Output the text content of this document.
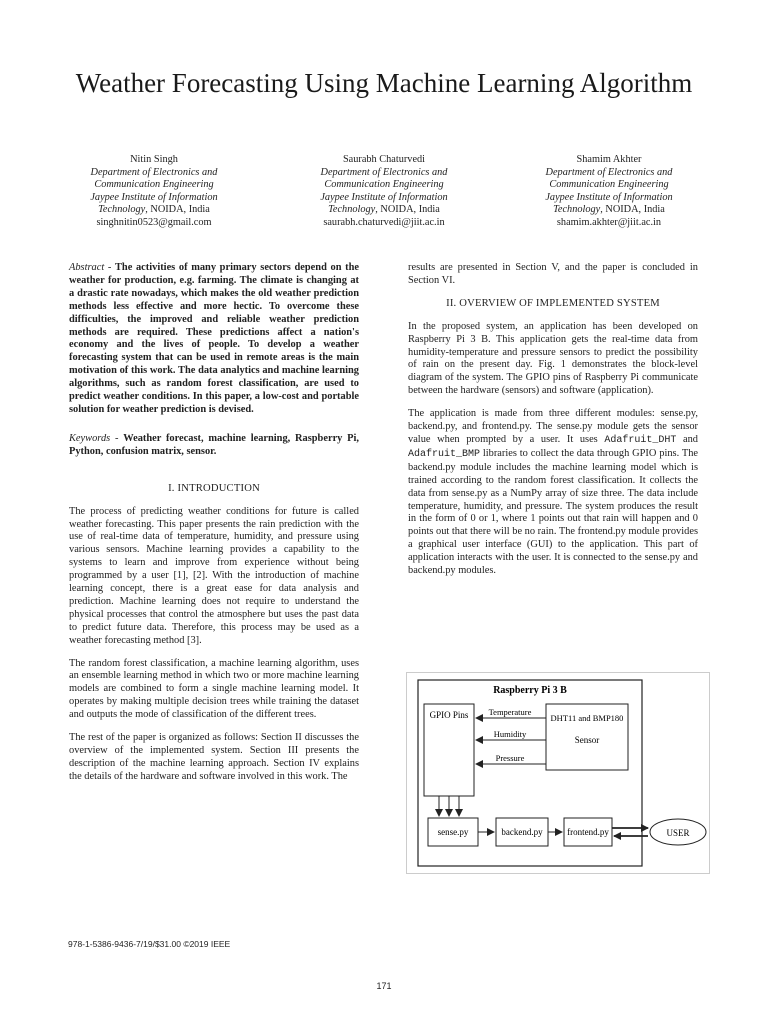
Weather Forecasting Using Machine Learning Algorithm
Nitin Singh
Department of Electronics and
Communication Engineering
Jaypee Institute of Information
Technology, NOIDA, India
singhnitin0523@gmail.com
Saurabh Chaturvedi
Department of Electronics and
Communication Engineering
Jaypee Institute of Information
Technology, NOIDA, India
saurabh.chaturvedi@jiit.ac.in
Shamim Akhter
Department of Electronics and
Communication Engineering
Jaypee Institute of Information
Technology, NOIDA, India
shamim.akhter@jiit.ac.in

Abstract - The activities of many primary sectors depend on the weather for production, e.g. farming. The climate is changing at a drastic rate nowadays, which makes the old weather prediction methods less effective and more hectic. To overcome these difficulties, the improved and reliable weather prediction methods are required. These predictions affect a nation's economy and the lives of people. To develop a weather forecasting system that can be used in remote areas is the main motivation of this work. The data analytics and machine learning algorithms, such as random forest classification, are used to predict weather conditions. In this paper, a low-cost and portable solution for weather prediction is devised.

Keywords - Weather forecast, machine learning, Raspberry Pi, Python, confusion matrix, sensor.

I. INTRODUCTION

The process of predicting weather conditions for future is called weather forecasting. This paper presents the rain prediction with the use of real-time data of temperature, humidity, and pressure using various sensors. Machine learning provides a capability to the systems to learn and improve from experience without being programmed by a user [1], [2]. With the introduction of machine learning concept, there is a great ease for data analysis and prediction. Machine learning does not require to understand the physical processes that control the atmosphere but uses the past data to predict future data. Therefore, this process may be used as a weather forecasting method [3].

The random forest classification, a machine learning algorithm, uses an ensemble learning method in which two or more machine learning models are combined to form a single machine learning model. It operates by making multiple decision trees while training the dataset and outputs the mode of classification of the different trees.

The rest of the paper is organized as follows: Section II discusses the overview of the implemented system. Section III presents the description of the machine learning approach. Section IV explains the details of the hardware and software involved in this work. The

results are presented in Section V, and the paper is concluded in Section VI.

II. OVERVIEW OF IMPLEMENTED SYSTEM

In the proposed system, an application has been developed on Raspberry Pi 3 B. This application gets the real-time data from humidity-temperature and pressure sensors to predict the possibility of rain on the present day. Fig. 1 demonstrates the block-level diagram of the system. The GPIO pins of Raspberry Pi communicate between the hardware (sensors) and software (application).

The application is made from three different modules: sense.py, backend.py, and frontend.py. The sense.py module gets the sensor value when prompted by a user. It uses Adafruit_DHT and Adafruit_BMP libraries to collect the data through GPIO pins. The backend.py module includes the machine learning model which is trained according to the random forest classification. It collects the data from sense.py as a NumPy array of size three. The data include temperature, humidity, and pressure. The system produces the result in the form of 0 or 1, where 1 points out that rain will happen and 0 points out that there will be no rain. The frontend.py module provides a graphical user interface (GUI) to the application. This part of application interacts with the user. It is connected to the sense.py and backend.py modules.

Raspberry Pi 3 B
GPIO Pins	DHT11 and BMP180
Sensor
Temperature
Humidity
Pressure
sense.py	backend.py	frontend.py	USER
978-1-5386-9436-7/19/$31.00 ©2019 IEEE
171
